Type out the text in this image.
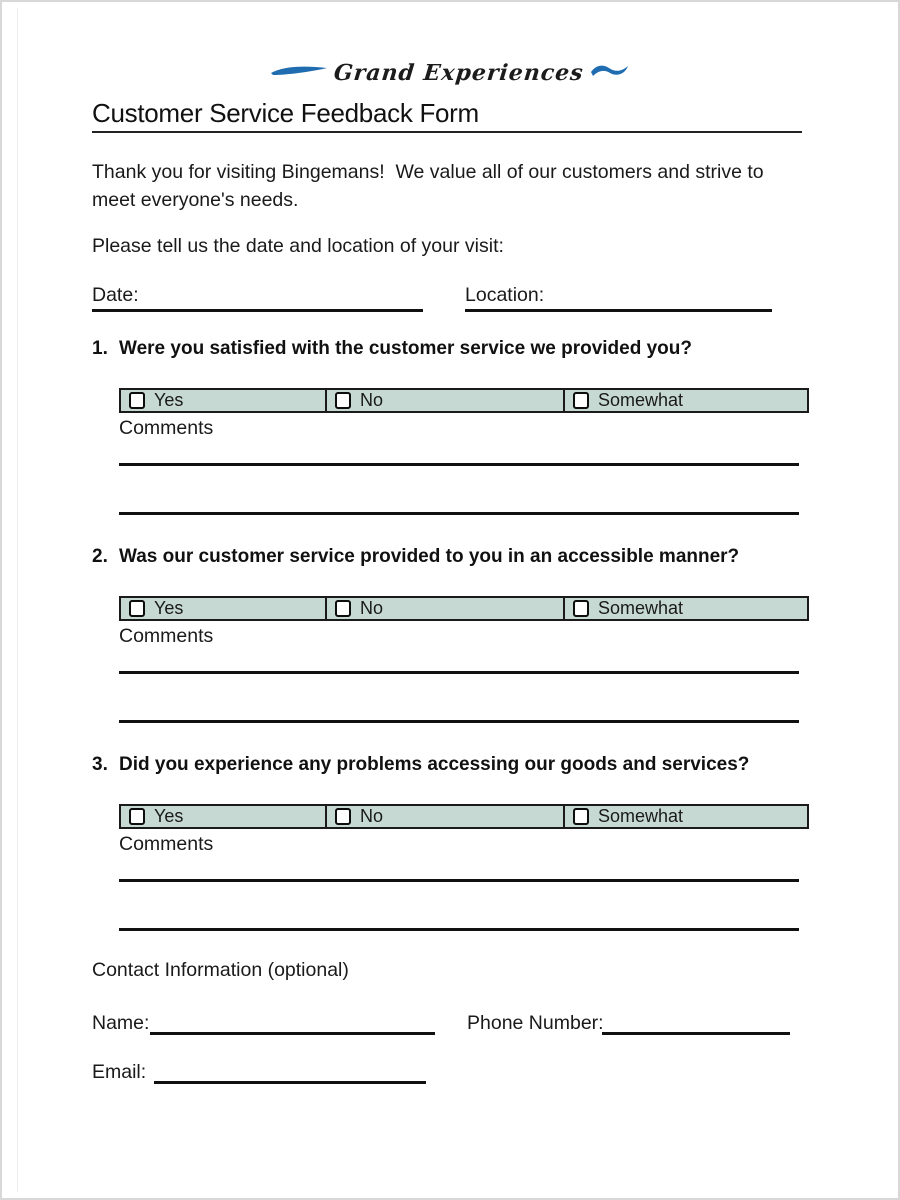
Grand Experiences
Customer Service Feedback Form
Thank you for visiting Bingemans!  We value all of our customers and strive to meet everyone's needs.
Please tell us the date and location of your visit:
Date:	Location:
1. Were you satisfied with the customer service we provided you?
Yes	No	Somewhat
Comments
2. Was our customer service provided to you in an accessible manner?
Yes	No	Somewhat
Comments
3. Did you experience any problems accessing our goods and services?
Yes	No	Somewhat
Comments
Contact Information (optional)
Name:	Phone Number:
Email:
